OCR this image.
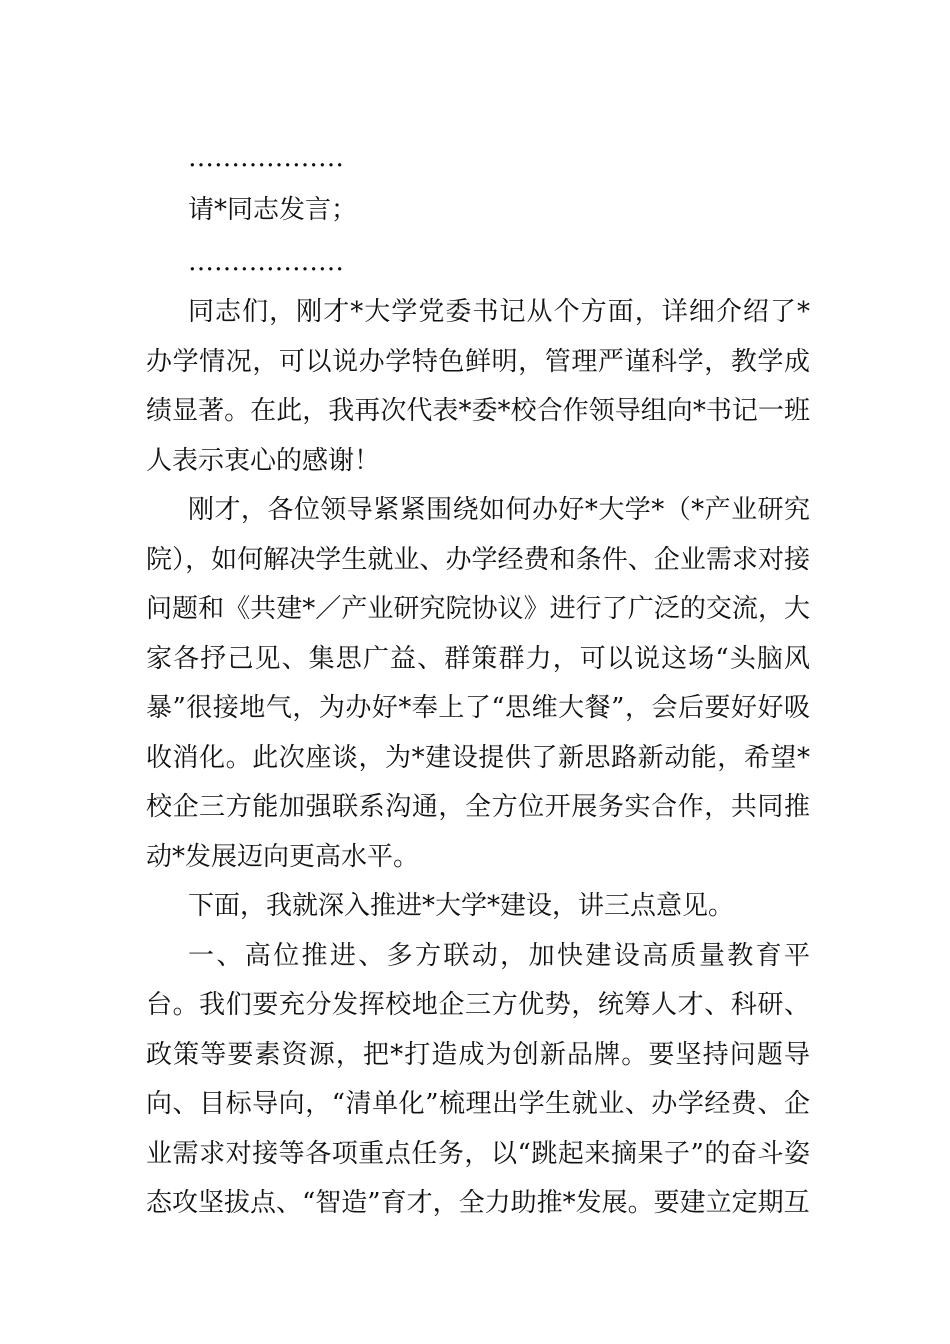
………………
请*同志发言；
………………

同志们，刚才*大学党委书记从个方面，详细介绍了*办学情况，可以说办学特色鲜明，管理严谨科学，教学成绩显著。在此，我再次代表*委*校合作领导组向*书记一班人表示衷心的感谢！

刚才，各位领导紧紧围绕如何办好*大学*（*产业研究院），如何解决学生就业、办学经费和条件、企业需求对接问题和《共建*／产业研究院协议》进行了广泛的交流，大家各抒己见、集思广益、群策群力，可以说这场“头脑风暴”很接地气，为办好*奉上了“思维大餐”，会后要好好吸收消化。此次座谈，为*建设提供了新思路新动能，希望*校企三方能加强联系沟通，全方位开展务实合作，共同推动*发展迈向更高水平。

下面，我就深入推进*大学*建设，讲三点意见。

一、高位推进、多方联动，加快建设高质量教育平台。我们要充分发挥校地企三方优势，统筹人才、科研、政策等要素资源，把*打造成为创新品牌。要坚持问题导向、目标导向，“清单化”梳理出学生就业、办学经费、企业需求对接等各项重点任务，以“跳起来摘果子”的奋斗姿态攻坚拔点、“智造”育才，全力助推*发展。要建立定期互
